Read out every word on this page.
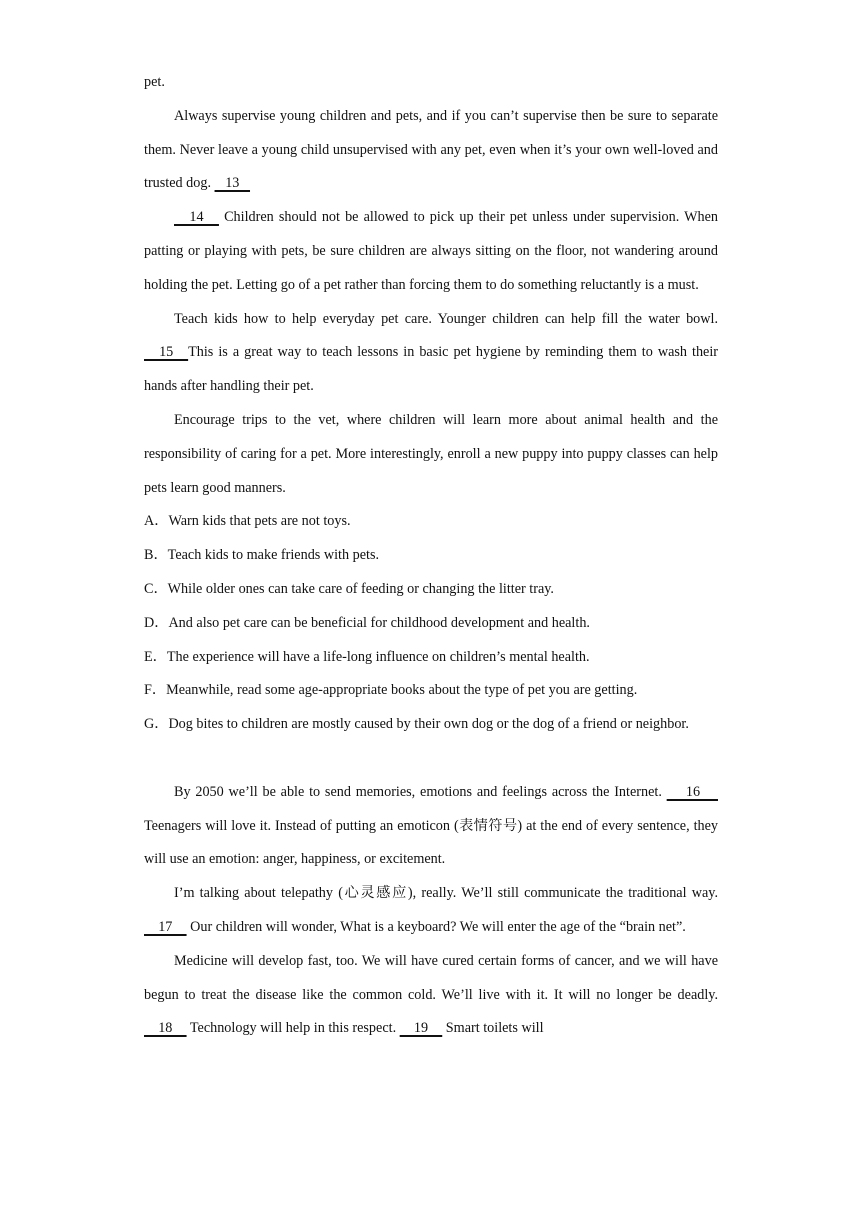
pet.

Always supervise young children and pets, and if you can’t supervise then be sure to separate them. Never leave a young child unsupervised with any pet, even when it’s your own well-loved and trusted dog.    13

14    Children should not be allowed to pick up their pet unless under supervision. When patting or playing with pets, be sure children are always sitting on the floor, not wandering around holding the pet. Letting go of a pet rather than forcing them to do something reluctantly is a must.

Teach kids how to help everyday pet care. Younger children can help fill the water bowl.    15   This is a great way to teach lessons in basic pet hygiene by reminding them to wash their hands after handling their pet.

Encourage trips to the vet, where children will learn more about animal health and the responsibility of caring for a pet. More interestingly, enroll a new puppy into puppy classes can help pets learn good manners.

A．Warn kids that pets are not toys.

B．Teach kids to make friends with pets.

C．While older ones can take care of feeding or changing the litter tray.

D．And also pet care can be beneficial for childhood development and health.

E．The experience will have a life-long influence on children’s mental health.

F．Meanwhile, read some age-appropriate books about the type of pet you are getting.

G．Dog bites to children are mostly caused by their own dog or the dog of a friend or neighbor.

By 2050 we’ll be able to send memories, emotions and feelings across the Internet.     16     Teenagers will love it. Instead of putting an emoticon (表情符号) at the end of every sentence, they will use an emotion: anger, happiness, or excitement.

I’m talking about telepathy (心灵感应), really. We’ll still communicate the traditional way.     17     Our children will wonder, What is a keyboard? We will enter the age of the “brain net”.

Medicine will develop fast, too. We will have cured certain forms of cancer, and we will have begun to treat the disease like the common cold. We’ll live with it. It will no longer be deadly.     18     Technology will help in this respect.     19     Smart toilets will
